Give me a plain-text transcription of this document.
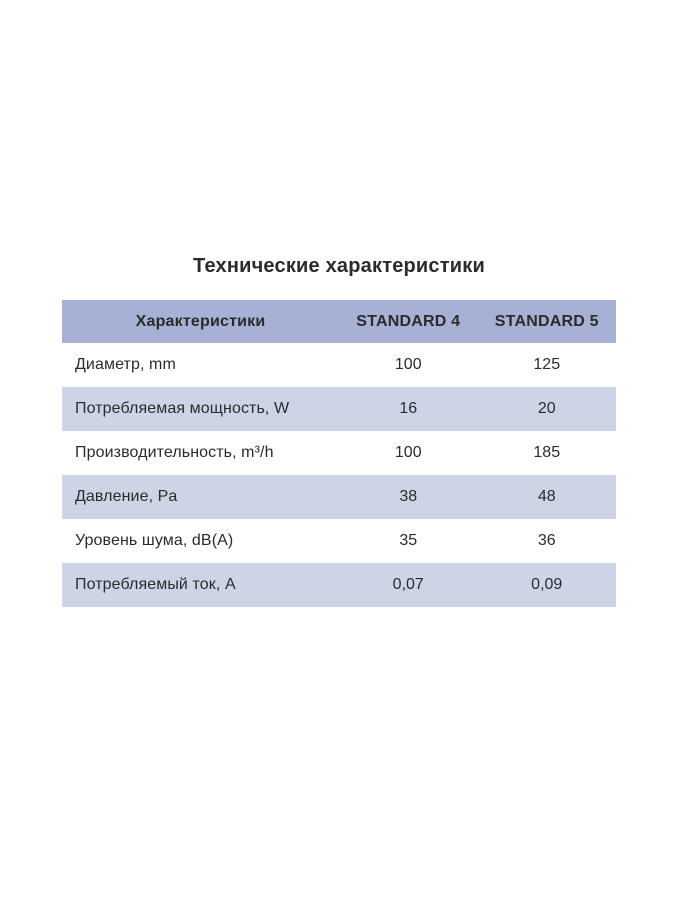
Технические характеристики
Характеристики	STANDARD 4	STANDARD 5
Диаметр, mm	100	125
Потребляемая мощность, W	16	20
Производительность, m³/h	100	185
Давление, Pa	38	48
Уровень шума, dB(A)	35	36
Потребляемый ток, А	0,07	0,09
